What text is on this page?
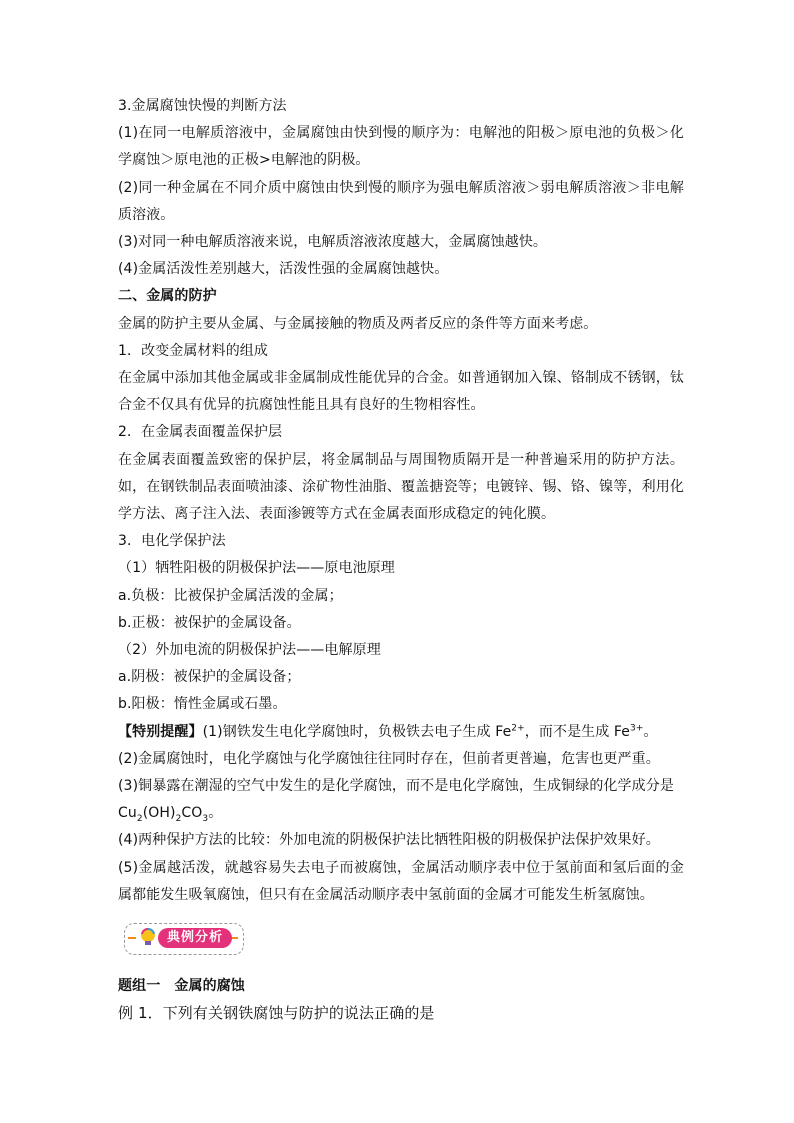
3.金属腐蚀快慢的判断方法

(1)在同一电解质溶液中，金属腐蚀由快到慢的顺序为：电解池的阳极＞原电池的负极＞化学腐蚀＞原电池的正极>电解池的阴极。

(2)同一种金属在不同介质中腐蚀由快到慢的顺序为强电解质溶液＞弱电解质溶液＞非电解质溶液。

(3)对同一种电解质溶液来说，电解质溶液浓度越大，金属腐蚀越快。

(4)金属活泼性差别越大，活泼性强的金属腐蚀越快。

二、金属的防护

金属的防护主要从金属、与金属接触的物质及两者反应的条件等方面来考虑。

1．改变金属材料的组成

在金属中添加其他金属或非金属制成性能优异的合金。如普通钢加入镍、铬制成不锈钢，钛合金不仅具有优异的抗腐蚀性能且具有良好的生物相容性。

2．在金属表面覆盖保护层

在金属表面覆盖致密的保护层，将金属制品与周围物质隔开是一种普遍采用的防护方法。如，在钢铁制品表面喷油漆、涂矿物性油脂、覆盖搪瓷等；电镀锌、锡、铬、镍等，利用化学方法、离子注入法、表面渗镀等方式在金属表面形成稳定的钝化膜。

3．电化学保护法

（1）牺牲阳极的阴极保护法——原电池原理

a.负极：比被保护金属活泼的金属；

b.正极：被保护的金属设备。

（2）外加电流的阴极保护法——电解原理

a.阴极：被保护的金属设备；

b.阳极：惰性金属或石墨。

【特别提醒】(1)钢铁发生电化学腐蚀时，负极铁去电子生成 $Fe^{2+}$，而不是生成 $Fe^{3+}$。

(2)金属腐蚀时，电化学腐蚀与化学腐蚀往往同时存在，但前者更普遍，危害也更严重。

(3)铜暴露在潮湿的空气中发生的是化学腐蚀，而不是电化学腐蚀，生成铜绿的化学成分是
$Cu_2(OH)_2CO_3$。

(4)两种保护方法的比较：外加电流的阴极保护法比牺牲阳极的阴极保护法保护效果好。

(5)金属越活泼，就越容易失去电子而被腐蚀，金属活动顺序表中位于氢前面和氢后面的金属都能发生吸氧腐蚀，但只有在金属活动顺序表中氢前面的金属才可能发生析氢腐蚀。

典例分析

题组一　金属的腐蚀

例 1．下列有关钢铁腐蚀与防护的说法正确的是
